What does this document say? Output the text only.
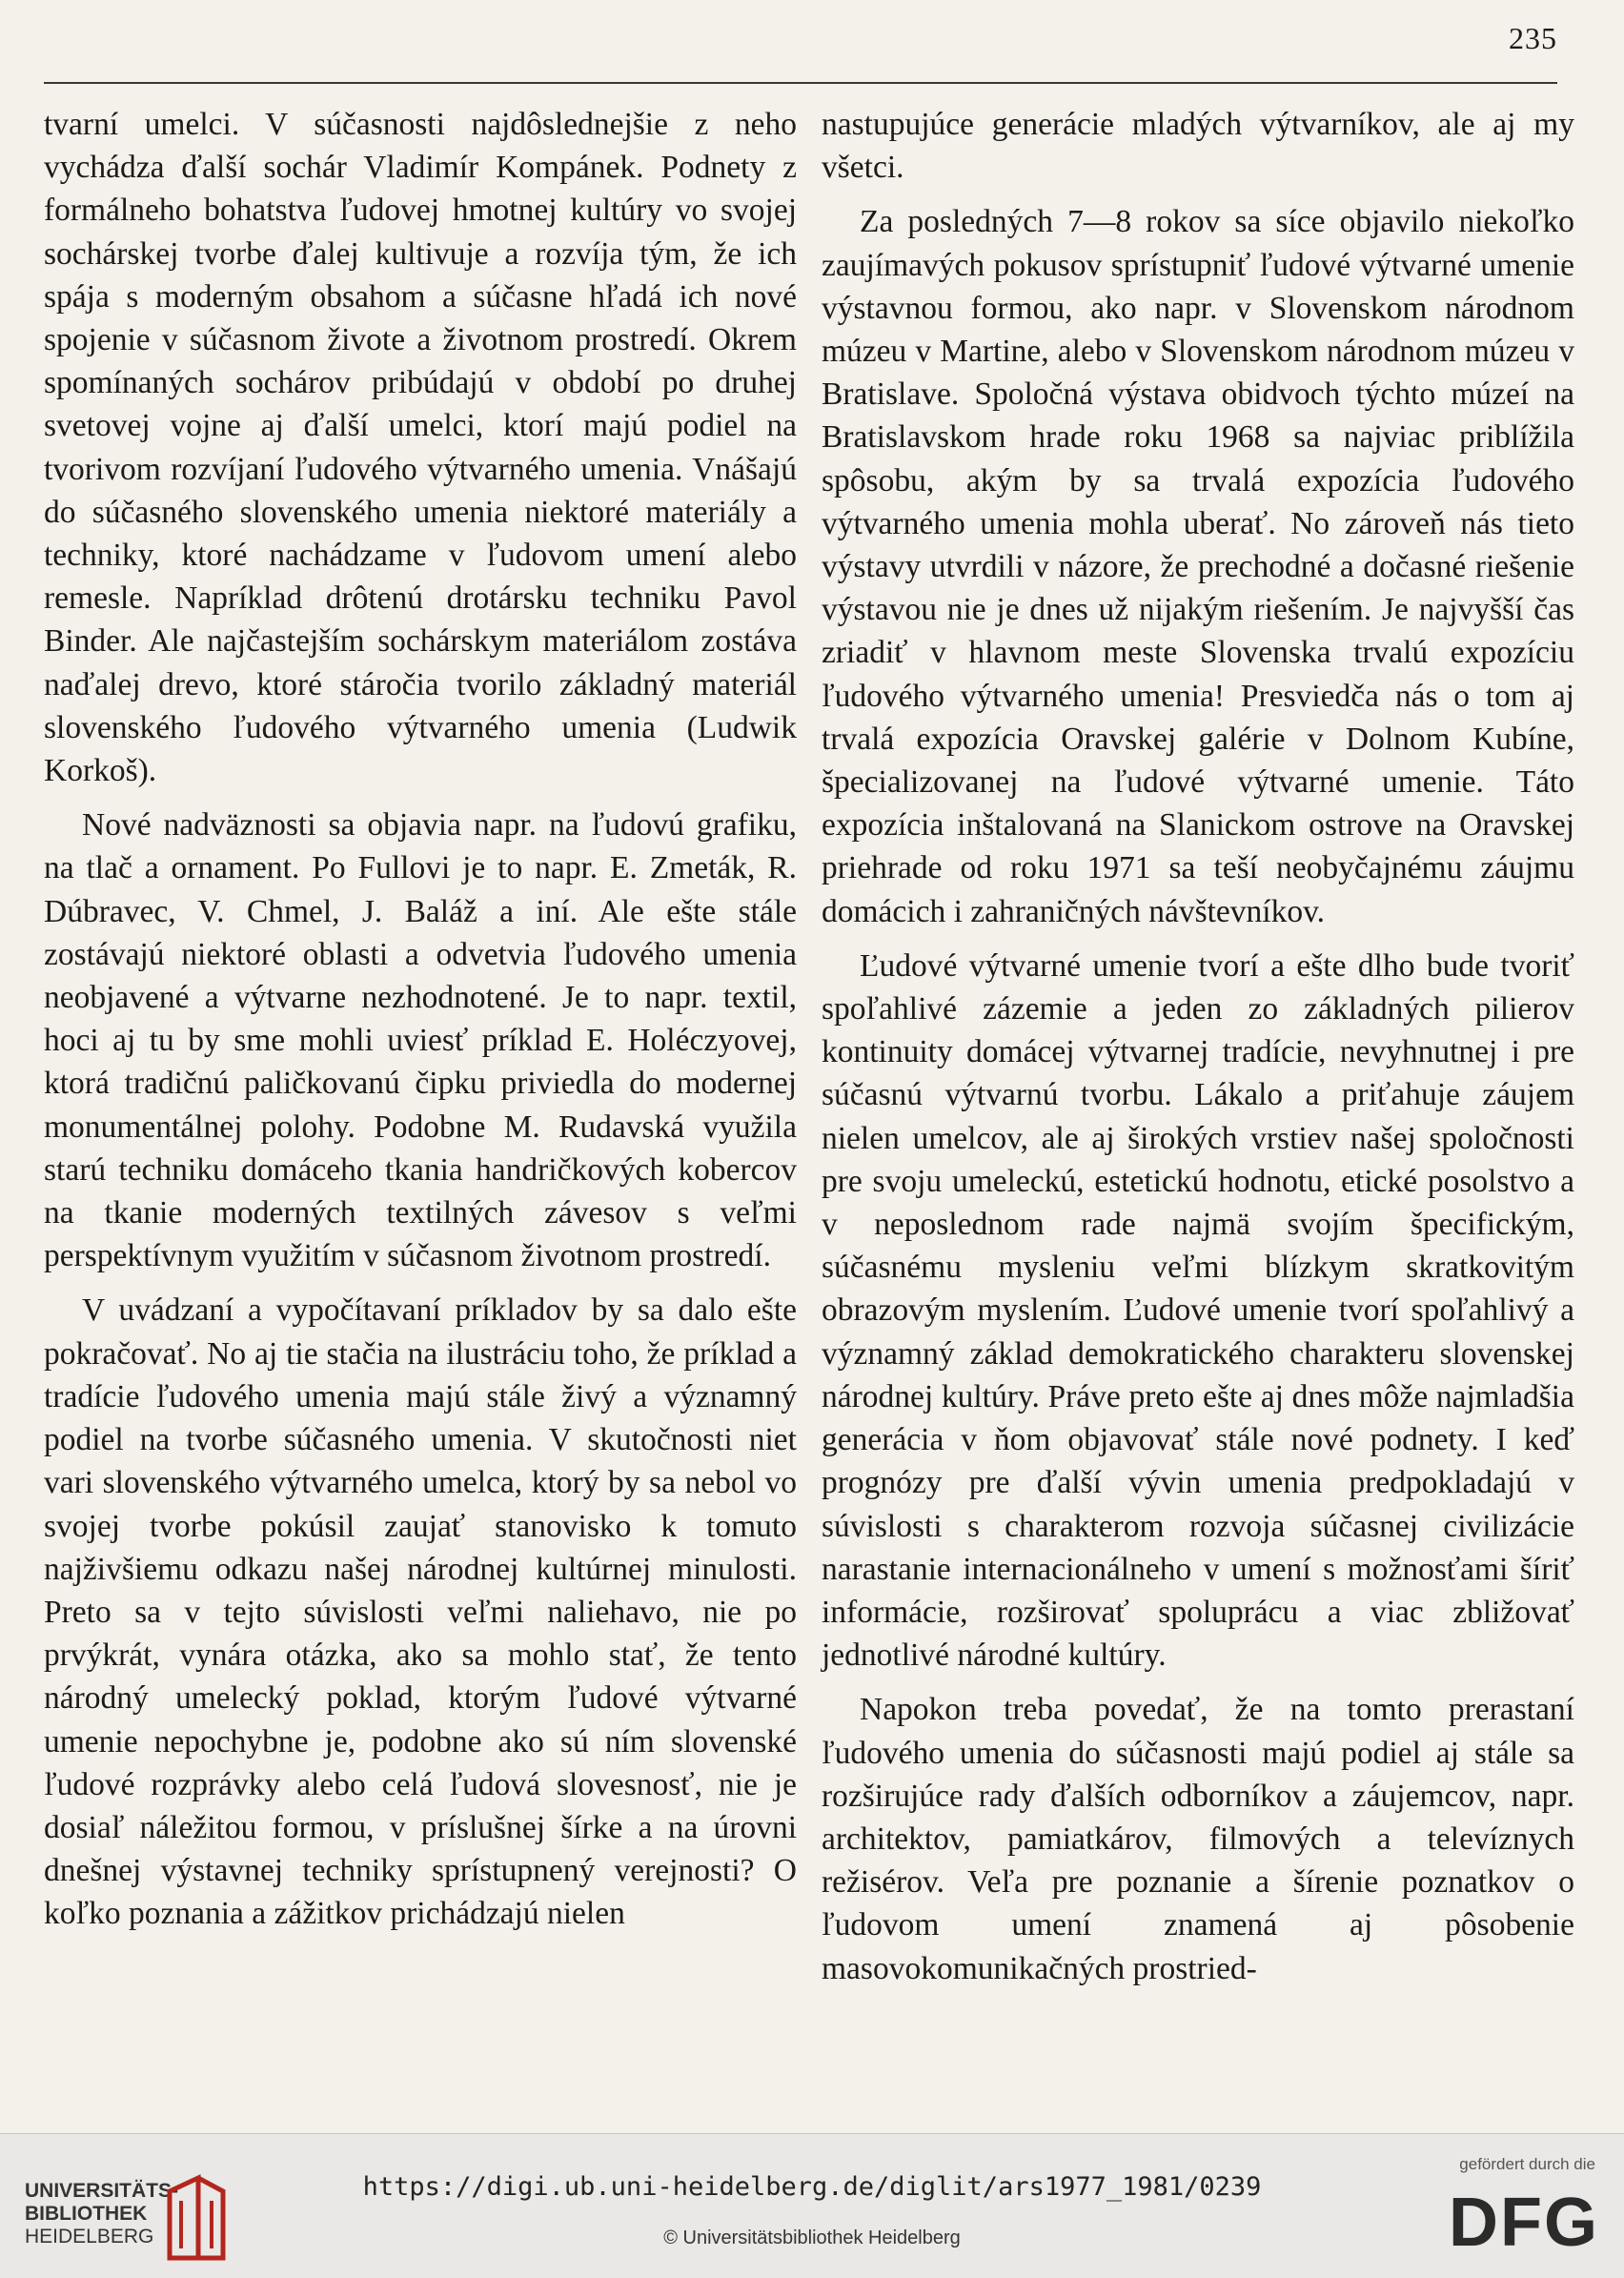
235

tvarní umelci. V súčasnosti najdôslednejšie z neho vychádza ďalší sochár Vladimír Kompánek. Podnety z formálneho bohatstva ľudovej hmotnej kultúry vo svojej sochárskej tvorbe ďalej kultivuje a rozvíja tým, že ich spája s moderným obsahom a súčasne hľadá ich nové spojenie v súčasnom živote a životnom prostredí. Okrem spomínaných sochárov pribúdajú v období po druhej svetovej vojne aj ďalší umelci, ktorí majú podiel na tvorivom rozvíjaní ľudového výtvarného umenia. Vnášajú do súčasného slovenského umenia niektoré materiály a techniky, ktoré nachádzame v ľudovom umení alebo remesle. Napríklad drôtenú drotársku techniku Pavol Binder. Ale najčastejším sochárskym materiálom zostáva naďalej drevo, ktoré stáročia tvorilo základný materiál slovenského ľudového výtvarného umenia (Ludwik Korkoš).

Nové nadväznosti sa objavia napr. na ľudovú grafiku, na tlač a ornament. Po Fullovi je to napr. E. Zmeták, R. Dúbravec, V. Chmel, J. Baláž a iní. Ale ešte stále zostávajú niektoré oblasti a odvetvia ľudového umenia neobjavené a výtvarne nezhodnotené. Je to napr. textil, hoci aj tu by sme mohli uviesť príklad E. Holéczyovej, ktorá tradičnú paličkovanú čipku priviedla do modernej monumentálnej polohy. Podobne M. Rudavská využila starú techniku domáceho tkania handričkových kobercov na tkanie moderných textilných závesov s veľmi perspektívnym využitím v súčasnom životnom prostredí.

V uvádzaní a vypočítavaní príkladov by sa dalo ešte pokračovať. No aj tie stačia na ilustráciu toho, že príklad a tradície ľudového umenia majú stále živý a významný podiel na tvorbe súčasného umenia. V skutočnosti niet vari slovenského výtvarného umelca, ktorý by sa nebol vo svojej tvorbe pokúsil zaujať stanovisko k tomuto najživšiemu odkazu našej národnej kultúrnej minulosti. Preto sa v tejto súvislosti veľmi naliehavo, nie po prvýkrát, vynára otázka, ako sa mohlo stať, že tento národný umelecký poklad, ktorým ľudové výtvarné umenie nepochybne je, podobne ako sú ním slovenské ľudové rozprávky alebo celá ľudová slovesnosť, nie je dosiaľ náležitou formou, v príslušnej šírke a na úrovni dnešnej výstavnej techniky sprístupnený verejnosti? O koľko poznania a zážitkov prichádzajú nielen

nastupujúce generácie mladých výtvarníkov, ale aj my všetci.

Za posledných 7—8 rokov sa síce objavilo niekoľko zaujímavých pokusov sprístupniť ľudové výtvarné umenie výstavnou formou, ako napr. v Slovenskom národnom múzeu v Martine, alebo v Slovenskom národnom múzeu v Bratislave. Spoločná výstava obidvoch týchto múzeí na Bratislavskom hrade roku 1968 sa najviac priblížila spôsobu, akým by sa trvalá expozícia ľudového výtvarného umenia mohla uberať. No zároveň nás tieto výstavy utvrdili v názore, že prechodné a dočasné riešenie výstavou nie je dnes už nijakým riešením. Je najvyšší čas zriadiť v hlavnom meste Slovenska trvalú expozíciu ľudového výtvarného umenia! Presviedča nás o tom aj trvalá expozícia Oravskej galérie v Dolnom Kubíne, špecializovanej na ľudové výtvarné umenie. Táto expozícia inštalovaná na Slanickom ostrove na Oravskej priehrade od roku 1971 sa teší neobyčajnému záujmu domácich i zahraničných návštevníkov.

Ľudové výtvarné umenie tvorí a ešte dlho bude tvoriť spoľahlivé zázemie a jeden zo základných pilierov kontinuity domácej výtvarnej tradície, nevyhnutnej i pre súčasnú výtvarnú tvorbu. Lákalo a priťahuje záujem nielen umelcov, ale aj širokých vrstiev našej spoločnosti pre svoju umeleckú, estetickú hodnotu, etické posolstvo a v neposlednom rade najmä svojím špecifickým, súčasnému mysleniu veľmi blízkym skratkovitým obrazovým myslením. Ľudové umenie tvorí spoľahlivý a významný základ demokratického charakteru slovenskej národnej kultúry. Práve preto ešte aj dnes môže najmladšia generácia v ňom objavovať stále nové podnety. I keď prognózy pre ďalší vývin umenia predpokladajú v súvislosti s charakterom rozvoja súčasnej civilizácie narastanie internacionálneho v umení s možnosťami šíriť informácie, rozširovať spoluprácu a viac zbližovať jednotlivé národné kultúry.

Napokon treba povedať, že na tomto prerastaní ľudového umenia do súčasnosti majú podiel aj stále sa rozširujúce rady ďalších odborníkov a záujemcov, napr. architektov, pamiatkárov, filmových a televíznych režisérov. Veľa pre poznanie a šírenie poznatkov o ľudovom umení znamená aj pôsobenie masovokomunikačných prostried-

UNIVERSITÄTS-
BIBLIOTHEK
HEIDELBERG
https://digi.ub.uni-heidelberg.de/diglit/ars1977_1981/0239
© Universitätsbibliothek Heidelberg
gefördert durch die
DFG
